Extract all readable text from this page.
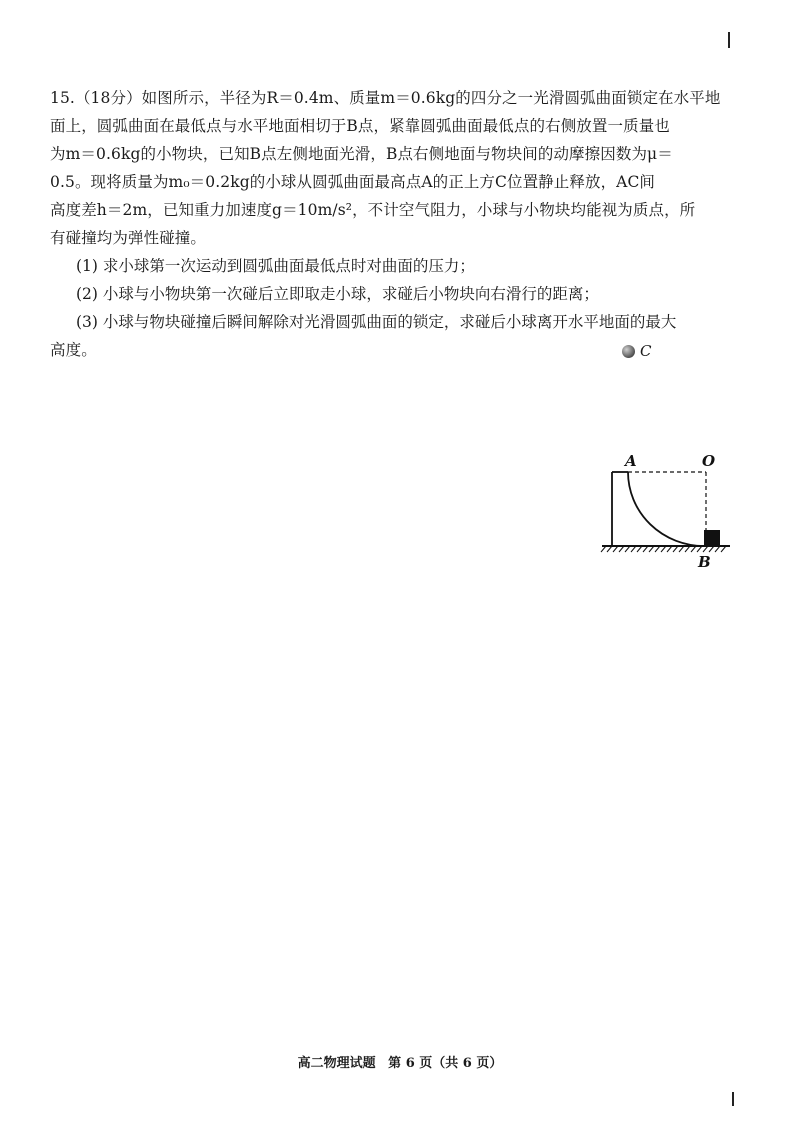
15.（18分）如图所示，半径为R＝0.4m、质量m＝0.6kg的四分之一光滑圆弧曲面锁定在水平地
面上，圆弧曲面在最低点与水平地面相切于B点，紧靠圆弧曲面最低点的右侧放置一质量也
为m＝0.6kg的小物块，已知B点左侧地面光滑，B点右侧地面与物块间的动摩擦因数为μ＝
0.5。现将质量为m₀＝0.2kg的小球从圆弧曲面最高点A的正上方C位置静止释放，AC间
高度差h＝2m，已知重力加速度g＝10m/s²，不计空气阻力，小球与小物块均能视为质点，所
有碰撞均为弹性碰撞。
(1) 求小球第一次运动到圆弧曲面最低点时对曲面的压力；
(2) 小球与小物块第一次碰后立即取走小球，求碰后小物块向右滑行的距离；
(3) 小球与物块碰撞后瞬间解除对光滑圆弧曲面的锁定，求碰后小球离开水平地面的最大
高度。	C
A	O
B
高二物理试题 第 6 页（共 6 页）
